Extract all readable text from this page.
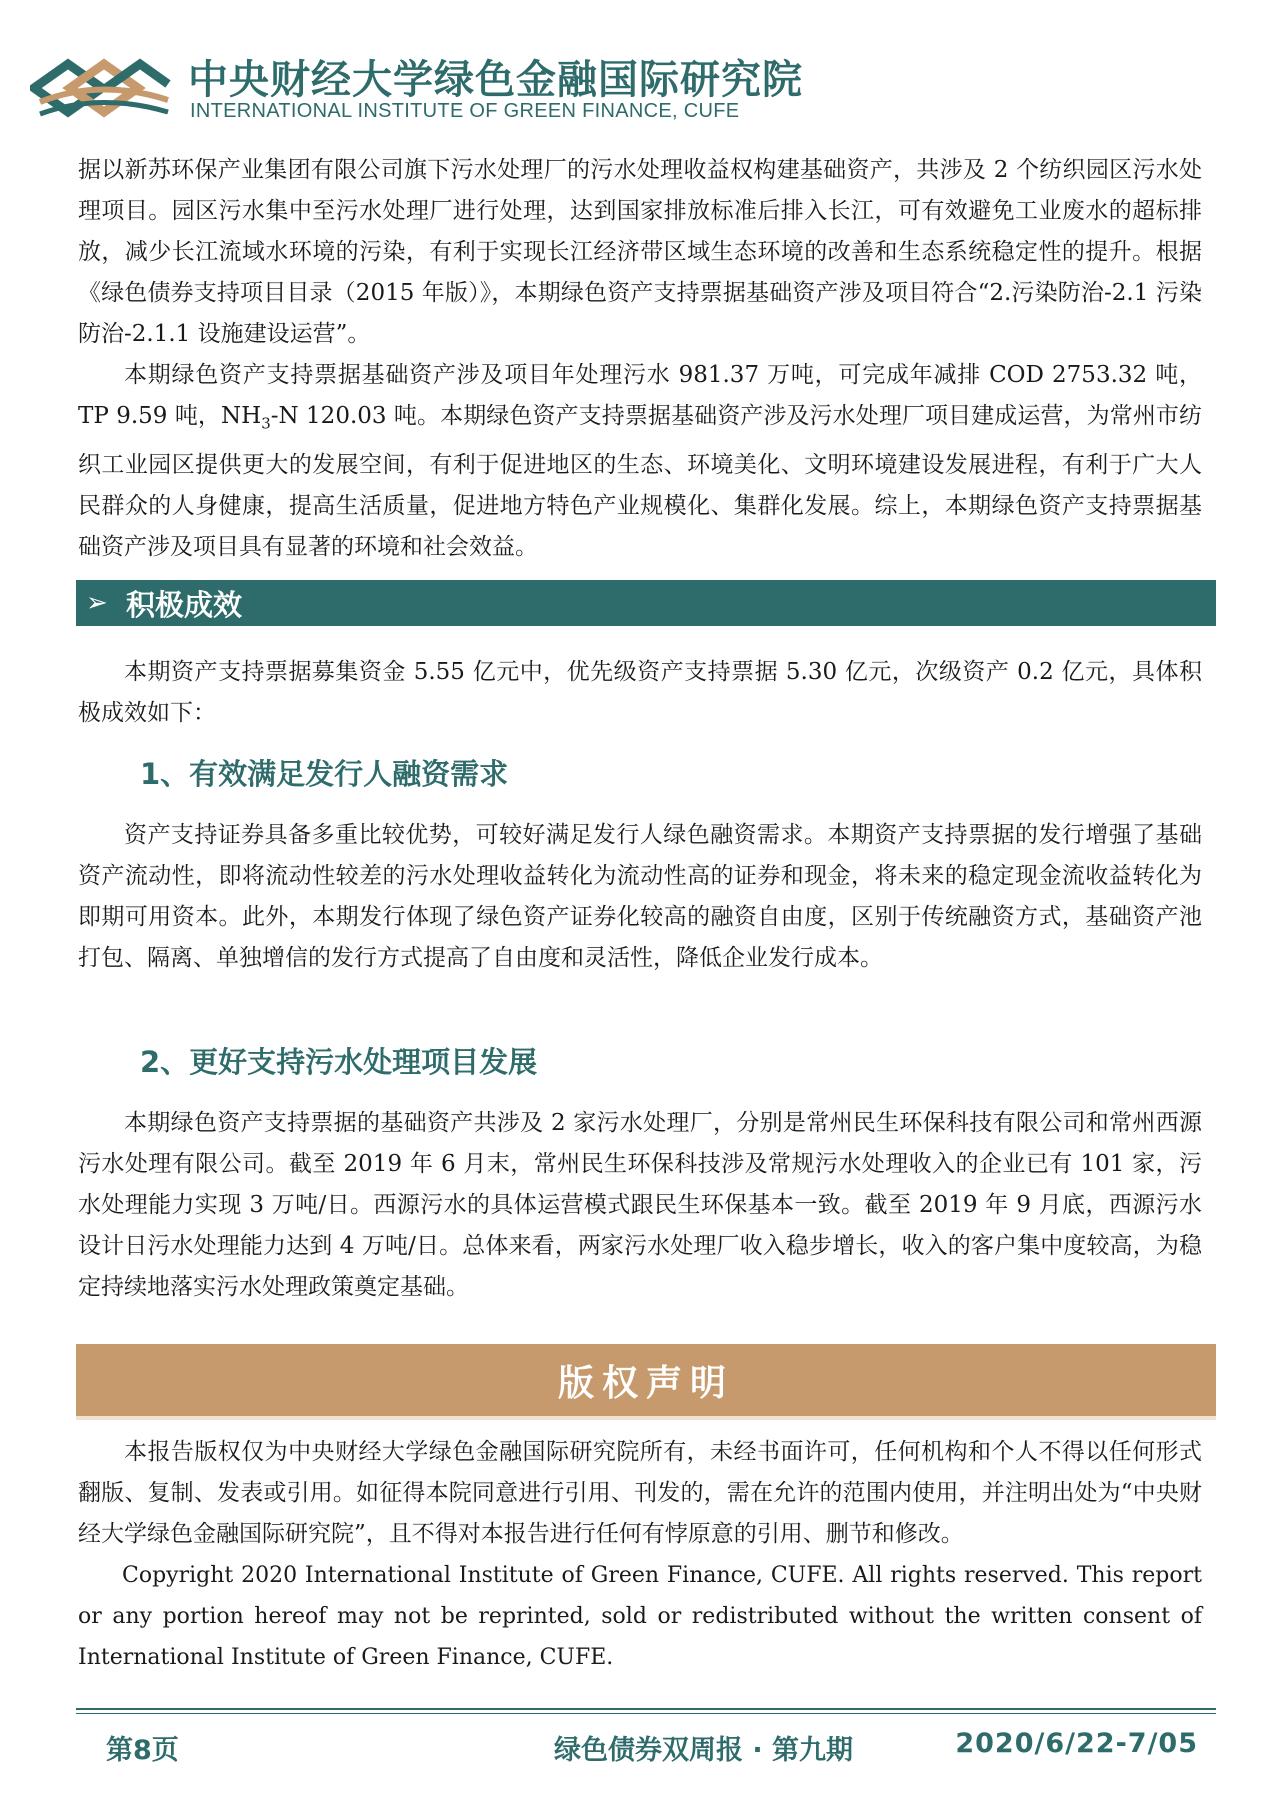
中央财经大学绿色金融国际研究院

INTERNATIONAL INSTITUTE OF GREEN FINANCE, CUFE

据以新苏环保产业集团有限公司旗下污水处理厂的污水处理收益权构建基础资产，共涉及 2 个纺织园区污水处理项目。园区污水集中至污水处理厂进行处理，达到国家排放标准后排入长江，可有效避免工业废水的超标排放，减少长江流域水环境的污染，有利于实现长江经济带区域生态环境的改善和生态系统稳定性的提升。根据《绿色债券支持项目目录（2015 年版）》，本期绿色资产支持票据基础资产涉及项目符合“2.污染防治-2.1 污染防治-2.1.1 设施建设运营”。

本期绿色资产支持票据基础资产涉及项目年处理污水 981.37 万吨，可完成年减排 COD 2753.32 吨，TP 9.59 吨，$NH_3-N$ 120.03 吨。本期绿色资产支持票据基础资产涉及污水处理厂项目建成运营，为常州市纺织工业园区提供更大的发展空间，有利于促进地区的生态、环境美化、文明环境建设发展进程，有利于广大人民群众的人身健康，提高生活质量，促进地方特色产业规模化、集群化发展。综上，本期绿色资产支持票据基础资产涉及项目具有显著的环境和社会效益。

➢ 积极成效

本期资产支持票据募集资金 5.55 亿元中，优先级资产支持票据 5.30 亿元，次级资产 0.2 亿元，具体积极成效如下：

1、有效满足发行人融资需求

资产支持证券具备多重比较优势，可较好满足发行人绿色融资需求。本期资产支持票据的发行增强了基础资产流动性，即将流动性较差的污水处理收益转化为流动性高的证券和现金，将未来的稳定现金流收益转化为即期可用资本。此外，本期发行体现了绿色资产证券化较高的融资自由度，区别于传统融资方式，基础资产池打包、隔离、单独增信的发行方式提高了自由度和灵活性，降低企业发行成本。

2、更好支持污水处理项目发展

本期绿色资产支持票据的基础资产共涉及 2 家污水处理厂，分别是常州民生环保科技有限公司和常州西源污水处理有限公司。截至 2019 年 6 月末，常州民生环保科技涉及常规污水处理收入的企业已有 101 家，污水处理能力实现 3 万吨/日。西源污水的具体运营模式跟民生环保基本一致。截至 2019 年 9 月底，西源污水设计日污水处理能力达到 4 万吨/日。总体来看，两家污水处理厂收入稳步增长，收入的客户集中度较高，为稳定持续地落实污水处理政策奠定基础。

版权声明

本报告版权仅为中央财经大学绿色金融国际研究院所有，未经书面许可，任何机构和个人不得以任何形式翻版、复制、发表或引用。如征得本院同意进行引用、刊发的，需在允许的范围内使用，并注明出处为“中央财经大学绿色金融国际研究院”，且不得对本报告进行任何有悖原意的引用、删节和修改。

Copyright 2020 International Institute of Green Finance, CUFE. All rights reserved. This report or any portion hereof may not be reprinted, sold or redistributed without the written consent of International Institute of Green Finance, CUFE.

第8页	绿色债券双周报 · 第九期	2020/6/22-7/05
